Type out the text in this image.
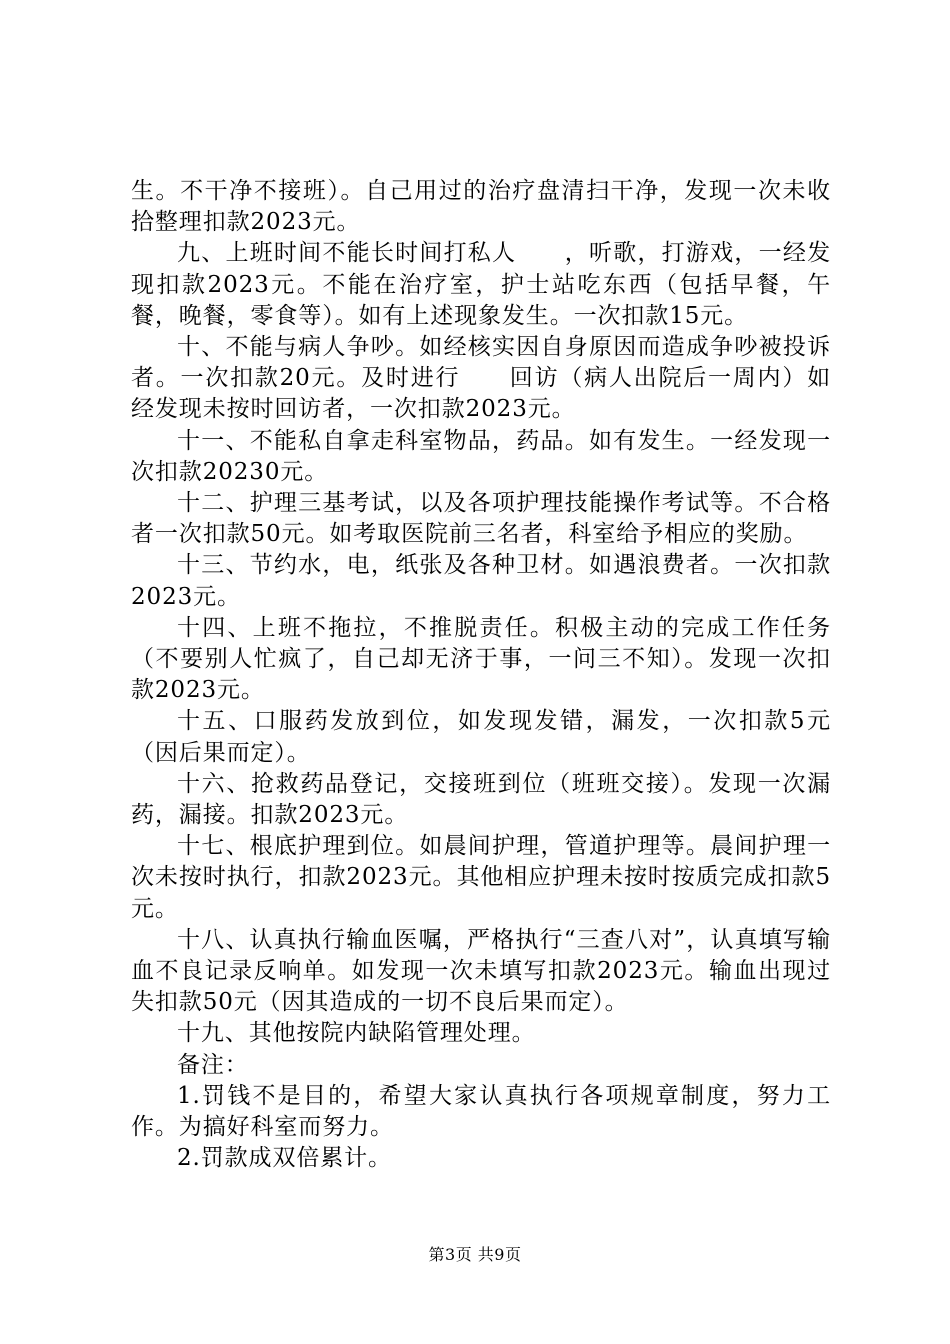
生。不干净不接班）。自己用过的治疗盘清扫干净，发现一次未收拾整理扣款2023元。

九、上班时间不能长时间打私人　　，听歌，打游戏，一经发现扣款2023元。不能在治疗室，护士站吃东西（包括早餐，午餐，晚餐，零食等）。如有上述现象发生。一次扣款15元。

十、不能与病人争吵。如经核实因自身原因而造成争吵被投诉者。一次扣款20元。及时进行　　回访（病人出院后一周内）如经发现未按时回访者，一次扣款2023元。

十一、不能私自拿走科室物品，药品。如有发生。一经发现一次扣款20230元。

十二、护理三基考试，以及各项护理技能操作考试等。不合格者一次扣款50元。如考取医院前三名者，科室给予相应的奖励。

十三、节约水，电，纸张及各种卫材。如遇浪费者。一次扣款2023元。

十四、上班不拖拉，不推脱责任。积极主动的完成工作任务（不要别人忙疯了，自己却无济于事，一问三不知）。发现一次扣款2023元。

十五、口服药发放到位，如发现发错，漏发，一次扣款5元（因后果而定）。

十六、抢救药品登记，交接班到位（班班交接）。发现一次漏药，漏接。扣款2023元。

十七、根底护理到位。如晨间护理，管道护理等。晨间护理一次未按时执行，扣款2023元。其他相应护理未按时按质完成扣款5元。

十八、认真执行输血医嘱，严格执行“三查八对”，认真填写输血不良记录反响单。如发现一次未填写扣款2023元。输血出现过失扣款50元（因其造成的一切不良后果而定）。

十九、其他按院内缺陷管理处理。

备注：

1.罚钱不是目的，希望大家认真执行各项规章制度，努力工作。为搞好科室而努力。

2.罚款成双倍累计。

第3页 共9页
